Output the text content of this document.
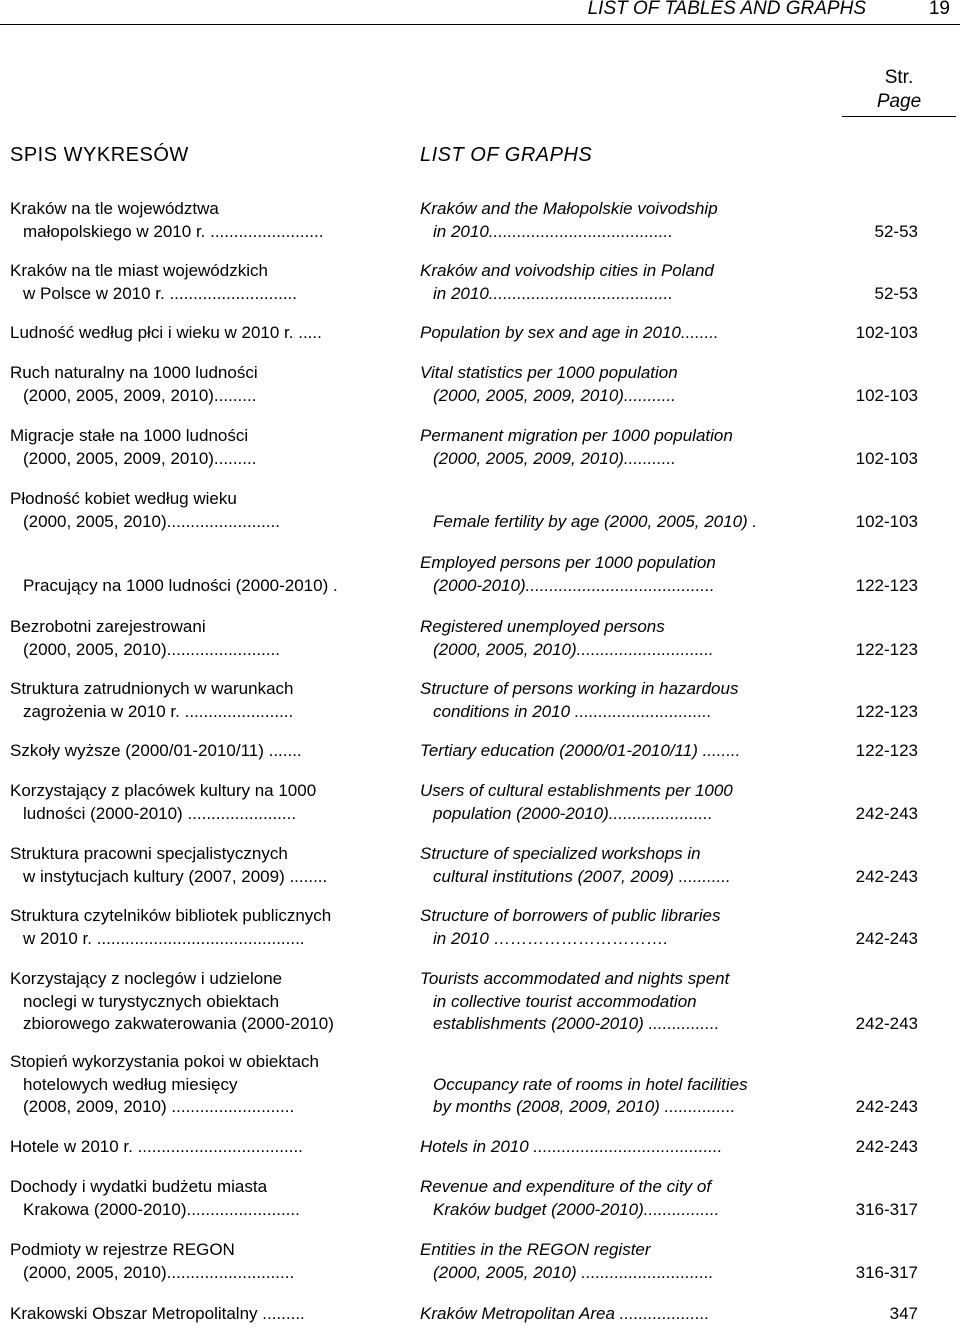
LIST OF TABLES AND GRAPHS	19
Str.
Page
SPIS WYKRESÓW	LIST OF GRAPHS
Kraków na tle województwa
małopolskiego w 2010 r. ........................
Kraków and the Małopolskie voivodship
in 2010.......................................	52-53
Kraków na tle miast wojewódzkich
w Polsce w 2010 r. ...........................
Kraków and voivodship cities in Poland
in 2010.......................................	52-53
Ludność według płci i wieku w 2010 r. .....	Population by sex and age in 2010........	102-103
Ruch naturalny na 1000 ludności
(2000, 2005, 2009, 2010).........
Vital statistics per 1000 population
(2000, 2005, 2009, 2010)...........	102-103
Migracje stałe na 1000 ludności
(2000, 2005, 2009, 2010).........
Permanent migration per 1000 population
(2000, 2005, 2009, 2010)...........	102-103
Płodność kobiet według wieku
(2000, 2005, 2010)........................
	Female fertility by age (2000, 2005, 2010) .	102-103

Pracujący na 1000 ludności (2000-2010) .
Employed persons per 1000 population
(2000-2010)........................................	122-123
Bezrobotni zarejestrowani
(2000, 2005, 2010)........................
Registered unemployed persons
(2000, 2005, 2010).............................	122-123
Struktura zatrudnionych w warunkach
zagrożenia w 2010 r. .......................
Structure of persons working in hazardous
conditions in 2010 .............................	122-123
Szkoły wyższe (2000/01-2010/11) .......	Tertiary education (2000/01-2010/11) ........	122-123
Korzystający z placówek kultury na 1000
ludności (2000-2010) .......................
Users of cultural establishments per 1000
population (2000-2010)......................	242-243
Struktura pracowni specjalistycznych
w instytucjach kultury (2007, 2009) ........
Structure of specialized workshops in
cultural institutions (2007, 2009) ...........	242-243
Struktura czytelników bibliotek publicznych
w 2010 r. ............................................
Structure of borrowers of public libraries
in 2010 ………………………….	242-243
Korzystający z noclegów i udzielone
noclegi w turystycznych obiektach
zbiorowego zakwaterowania (2000-2010)
Tourists accommodated and nights spent
in collective tourist accommodation
establishments (2000-2010) ...............	242-243
Stopień wykorzystania pokoi w obiektach
hotelowych według miesięcy
(2008, 2009, 2010) ..........................

Occupancy rate of rooms in hotel facilities
by months (2008, 2009, 2010) ...............	242-243
Hotele w 2010 r. ...................................	Hotels in 2010 ........................................	242-243
Dochody i wydatki budżetu miasta
Krakowa (2000-2010)........................
Revenue and expenditure of the city of
Kraków budget (2000-2010)................	316-317
Podmioty w rejestrze REGON
(2000, 2005, 2010)...........................
Entities in the REGON register
(2000, 2005, 2010) ............................	316-317
Krakowski Obszar Metropolitalny .........	Kraków Metropolitan Area ...................	347
